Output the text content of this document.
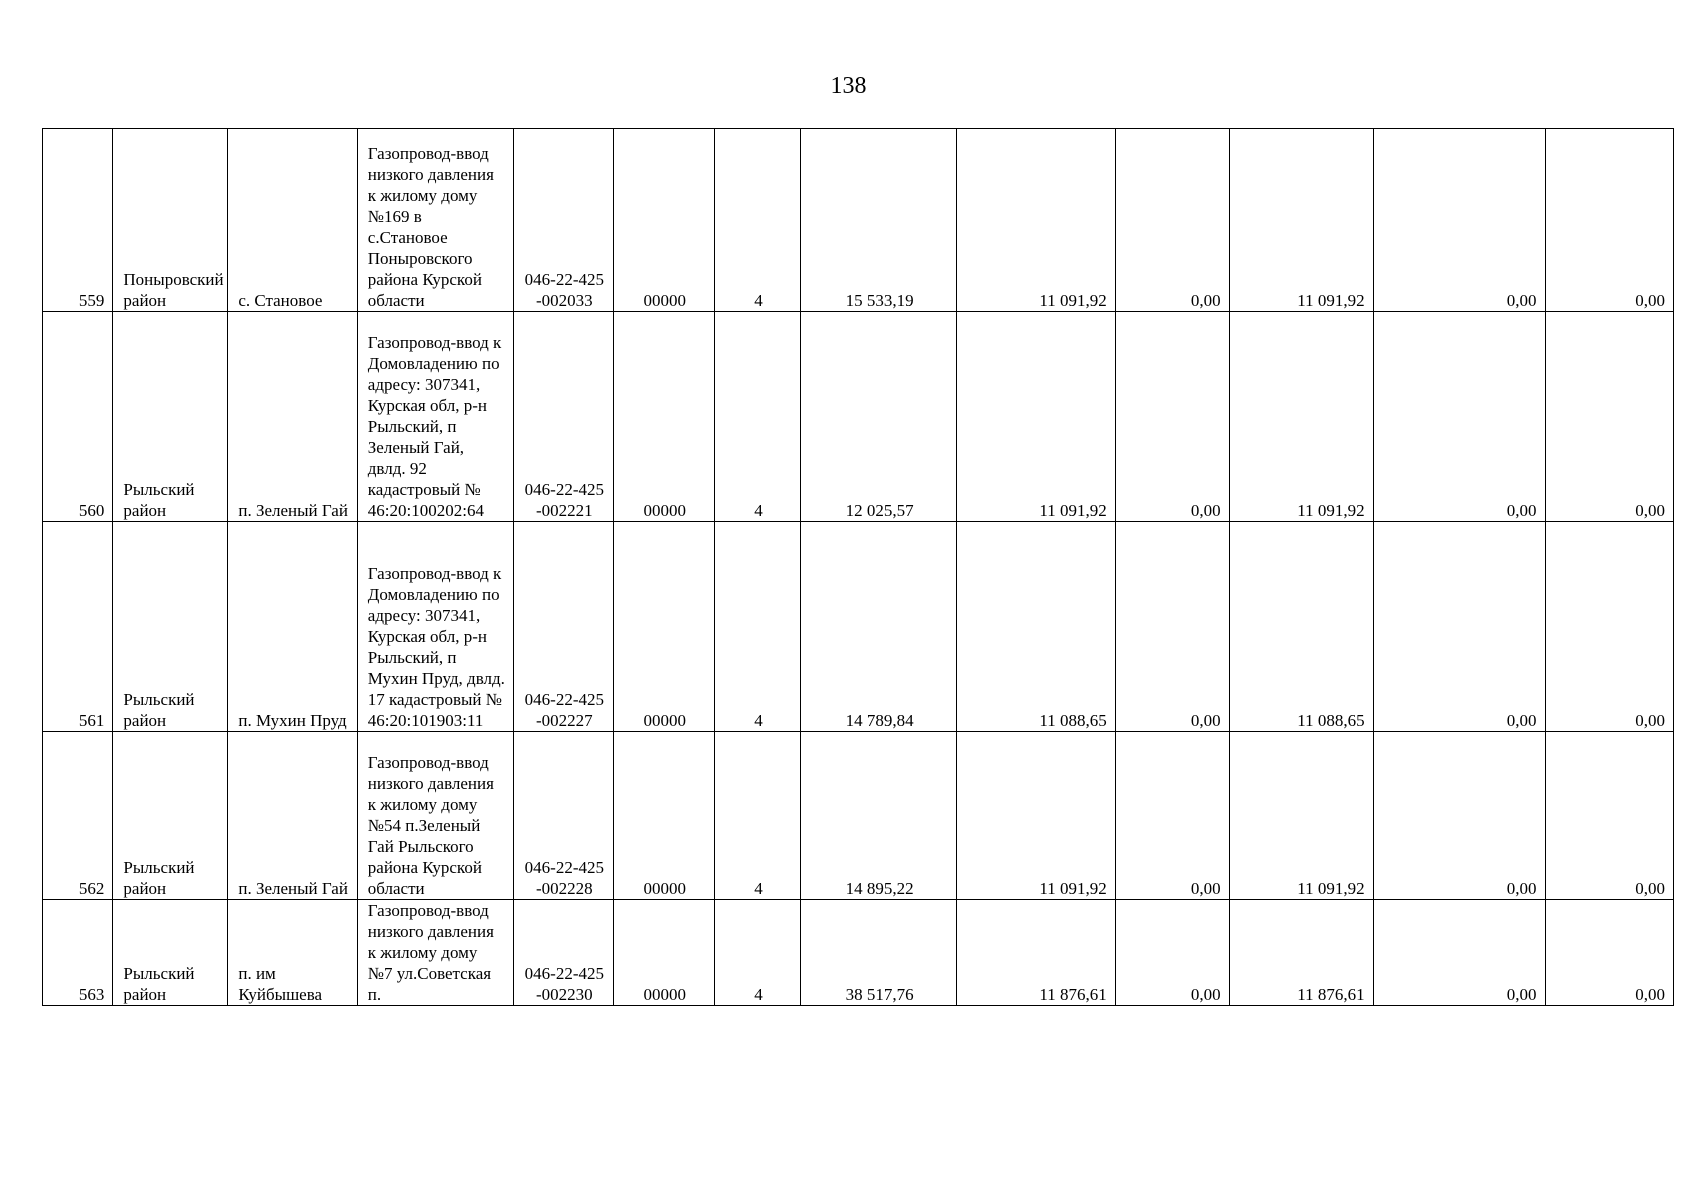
138
559	Поныровский район	с. Становое	Газопровод-ввод низкого давления к жилому дому №169 в с.Становое Поныровского района Курской области	046-22-425-002033	00000	4	15 533,19	11 091,92	0,00	11 091,92	0,00	0,00
560	Рыльский район	п. Зеленый Гай	Газопровод-ввод к Домовладению по адресу: 307341, Курская обл, р-н Рыльский, п Зеленый Гай, двлд. 92 кадастровый № 46:20:100202:64	046-22-425-002221	00000	4	12 025,57	11 091,92	0,00	11 091,92	0,00	0,00
561	Рыльский район	п. Мухин Пруд	Газопровод-ввод к Домовладению по адресу: 307341, Курская обл, р-н Рыльский, п Мухин Пруд, двлд. 17 кадастровый № 46:20:101903:11	046-22-425-002227	00000	4	14 789,84	11 088,65	0,00	11 088,65	0,00	0,00
562	Рыльский район	п. Зеленый Гай	Газопровод-ввод низкого давления к жилому дому №54 п.Зеленый Гай Рыльского района Курской области	046-22-425-002228	00000	4	14 895,22	11 091,92	0,00	11 091,92	0,00	0,00
563	Рыльский район	п. им Куйбышева	Газопровод-ввод низкого давления к жилому дому №7 ул.Советская п.	046-22-425-002230	00000	4	38 517,76	11 876,61	0,00	11 876,61	0,00	0,00
